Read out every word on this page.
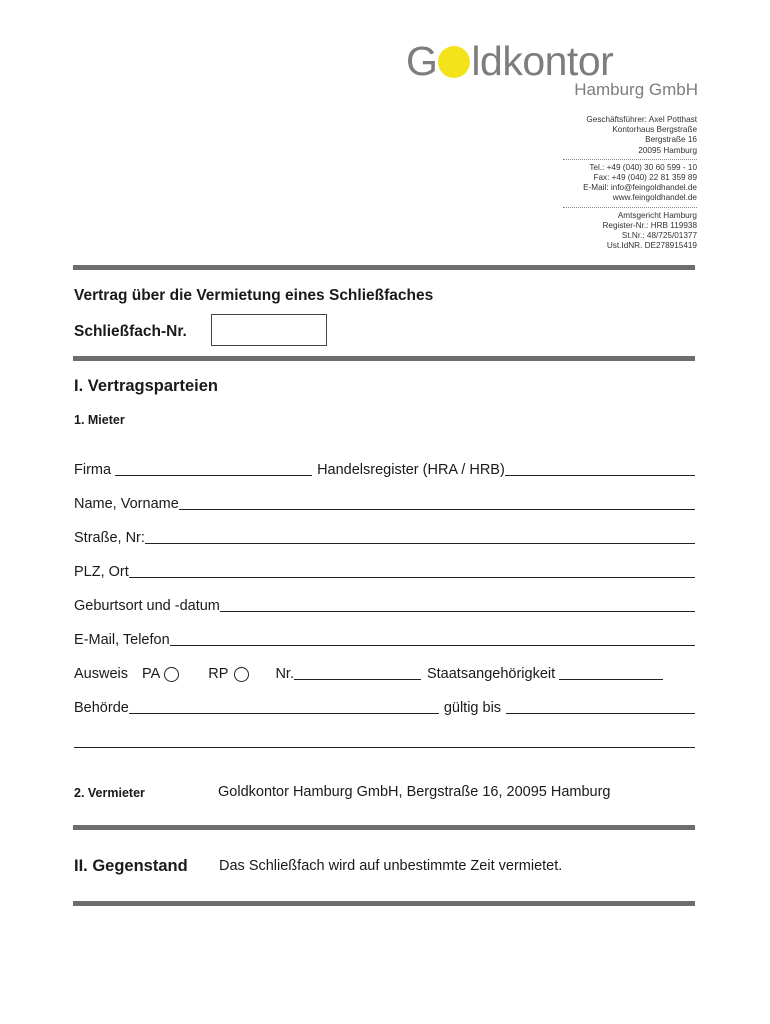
G ldkontor
Hamburg GmbH
Geschäftsführer: Axel Potthast
Kontorhaus Bergstraße
Bergstraße 16
20095 Hamburg
Tel.: +49 (040) 30 60 599 - 10
Fax: +49 (040) 22 81 359 89
E-Mail: info@feingoldhandel.de
www.feingoldhandel.de
Amtsgericht Hamburg
Register-Nr.: HRB 119938
St.Nr.: 48/725/01377
Ust.IdNR. DE278915419
Vertrag über die Vermietung eines Schließfaches
Schließfach-Nr.
I. Vertragsparteien
1. Mieter
Firma	Handelsregister (HRA / HRB)
Name, Vorname
Straße, Nr:
PLZ, Ort
Geburtsort und -datum
E-Mail, Telefon
Ausweis PA	RP	Nr.	Staatsangehörigkeit
Behörde	gültig bis
2. Vermieter	Goldkontor Hamburg GmbH, Bergstraße 16, 20095 Hamburg
II. Gegenstand Das Schließfach wird auf unbestimmte Zeit vermietet.
